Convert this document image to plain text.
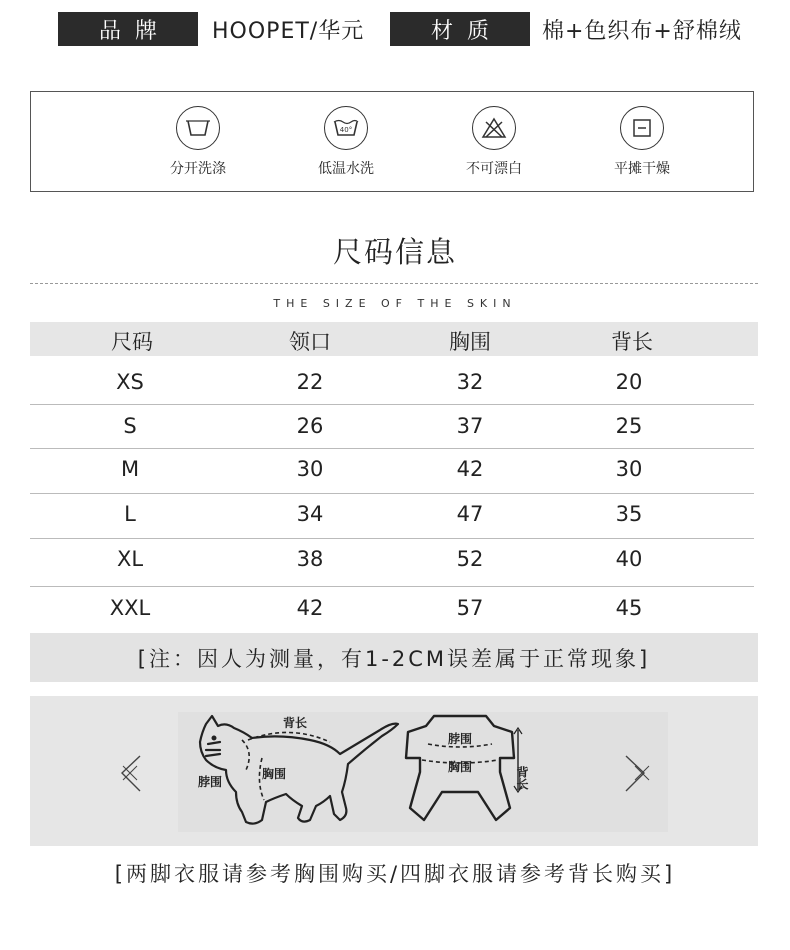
品牌 HOOPET/华元	材质 棉+色织布+舒棉绒
分开洗涤
40°
低温水洗	不可漂白	平摊干燥
尺码信息
THE SIZE OF THE SKIN
尺码	领口	胸围	背长
XS	22	32	20
S	26	37	25
M	30	42	30
L	34	47	35
XL	38	52	40
XXL	42	57	45
[注：因人为测量，有1-2CM误差属于正常现象]
背长
脖围
胸围
脖围
胸围	背长
[两脚衣服请参考胸围购买/四脚衣服请参考背长购买]
